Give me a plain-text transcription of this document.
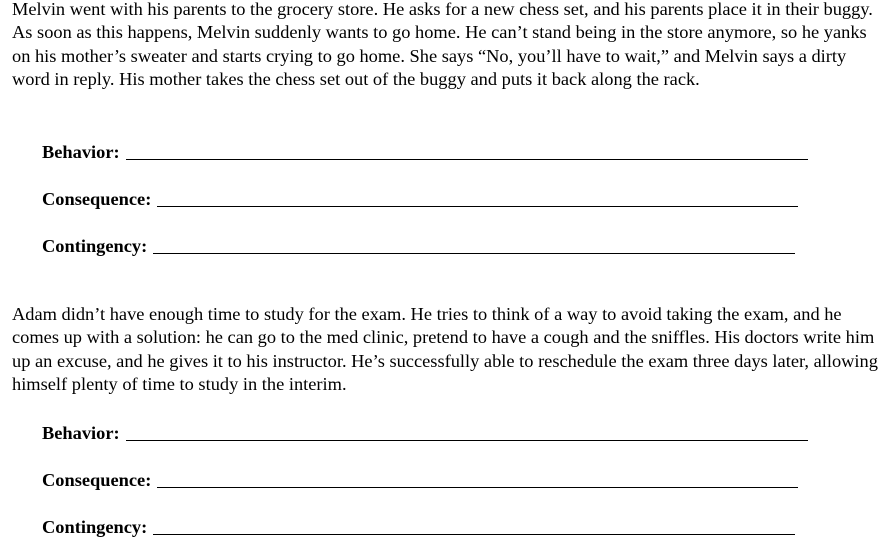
Melvin went with his parents to the grocery store. He asks for a new chess set, and his parents place it in their buggy. As soon as this happens, Melvin suddenly wants to go home. He can’t stand being in the store anymore, so he yanks on his mother’s sweater and starts crying to go home. She says “No, you’ll have to wait,” and Melvin says a dirty word in reply. His mother takes the chess set out of the buggy and puts it back along the rack.

Behavior:
Consequence:
Contingency:

Adam didn’t have enough time to study for the exam. He tries to think of a way to avoid taking the exam, and he comes up with a solution: he can go to the med clinic, pretend to have a cough and the sniffles. His doctors write him up an excuse, and he gives it to his instructor. He’s successfully able to reschedule the exam three days later, allowing himself plenty of time to study in the interim.

Behavior:
Consequence:
Contingency:
